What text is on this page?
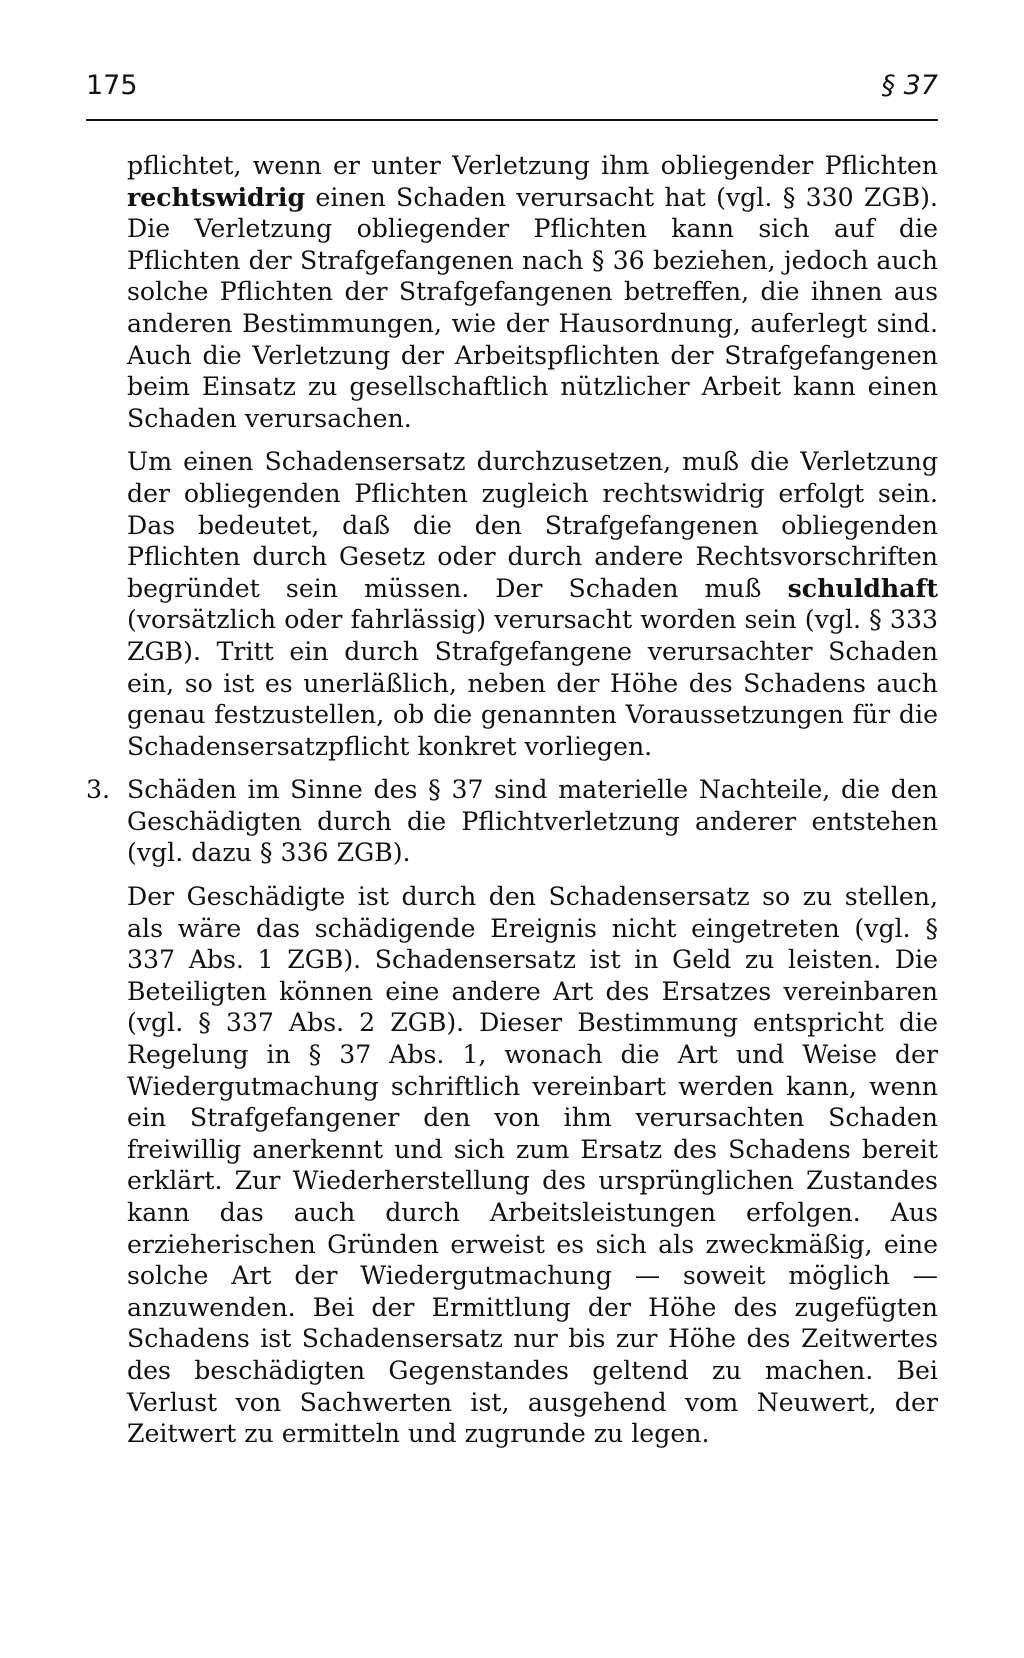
175	§ 37

pflichtet, wenn er unter Verletzung ihm obliegender Pflichten rechtswidrig einen Schaden verursacht hat (vgl. § 330 ZGB). Die Verletzung obliegender Pflichten kann sich auf die Pflichten der Strafgefangenen nach § 36 beziehen, jedoch auch solche Pflichten der Strafgefangenen betreffen, die ihnen aus anderen Bestimmungen, wie der Hausordnung, auferlegt sind. Auch die Verletzung der Arbeitspflichten der Strafgefangenen beim Einsatz zu gesellschaftlich nützlicher Arbeit kann einen Schaden verursachen.

Um einen Schadensersatz durchzusetzen, muß die Verletzung der obliegenden Pflichten zugleich rechtswidrig erfolgt sein. Das bedeutet, daß die den Strafgefangenen obliegenden Pflichten durch Gesetz oder durch andere Rechtsvorschriften begründet sein müssen. Der Schaden muß schuldhaft (vorsätzlich oder fahrlässig) verursacht worden sein (vgl. § 333 ZGB). Tritt ein durch Strafgefangene verursachter Schaden ein, so ist es unerläßlich, neben der Höhe des Schadens auch genau festzustellen, ob die genannten Voraussetzungen für die Schadensersatzpflicht konkret vorliegen.

3. Schäden im Sinne des § 37 sind materielle Nachteile, die den Geschädigten durch die Pflichtverletzung anderer entstehen (vgl. dazu § 336 ZGB).

Der Geschädigte ist durch den Schadensersatz so zu stellen, als wäre das schädigende Ereignis nicht eingetreten (vgl. § 337 Abs. 1 ZGB). Schadensersatz ist in Geld zu leisten. Die Beteiligten können eine andere Art des Ersatzes vereinbaren (vgl. § 337 Abs. 2 ZGB). Dieser Bestimmung entspricht die Regelung in § 37 Abs. 1, wonach die Art und Weise der Wiedergutmachung schriftlich vereinbart werden kann, wenn ein Strafgefangener den von ihm verursachten Schaden freiwillig anerkennt und sich zum Ersatz des Schadens bereit erklärt. Zur Wiederherstellung des ursprünglichen Zustandes kann das auch durch Arbeitsleistungen erfolgen. Aus erzieherischen Gründen erweist es sich als zweckmäßig, eine solche Art der Wiedergutmachung — soweit möglich — anzuwenden. Bei der Ermittlung der Höhe des zugefügten Schadens ist Schadensersatz nur bis zur Höhe des Zeitwertes des beschädigten Gegenstandes geltend zu machen. Bei Verlust von Sachwerten ist, ausgehend vom Neuwert, der Zeitwert zu ermitteln und zugrunde zu legen.
